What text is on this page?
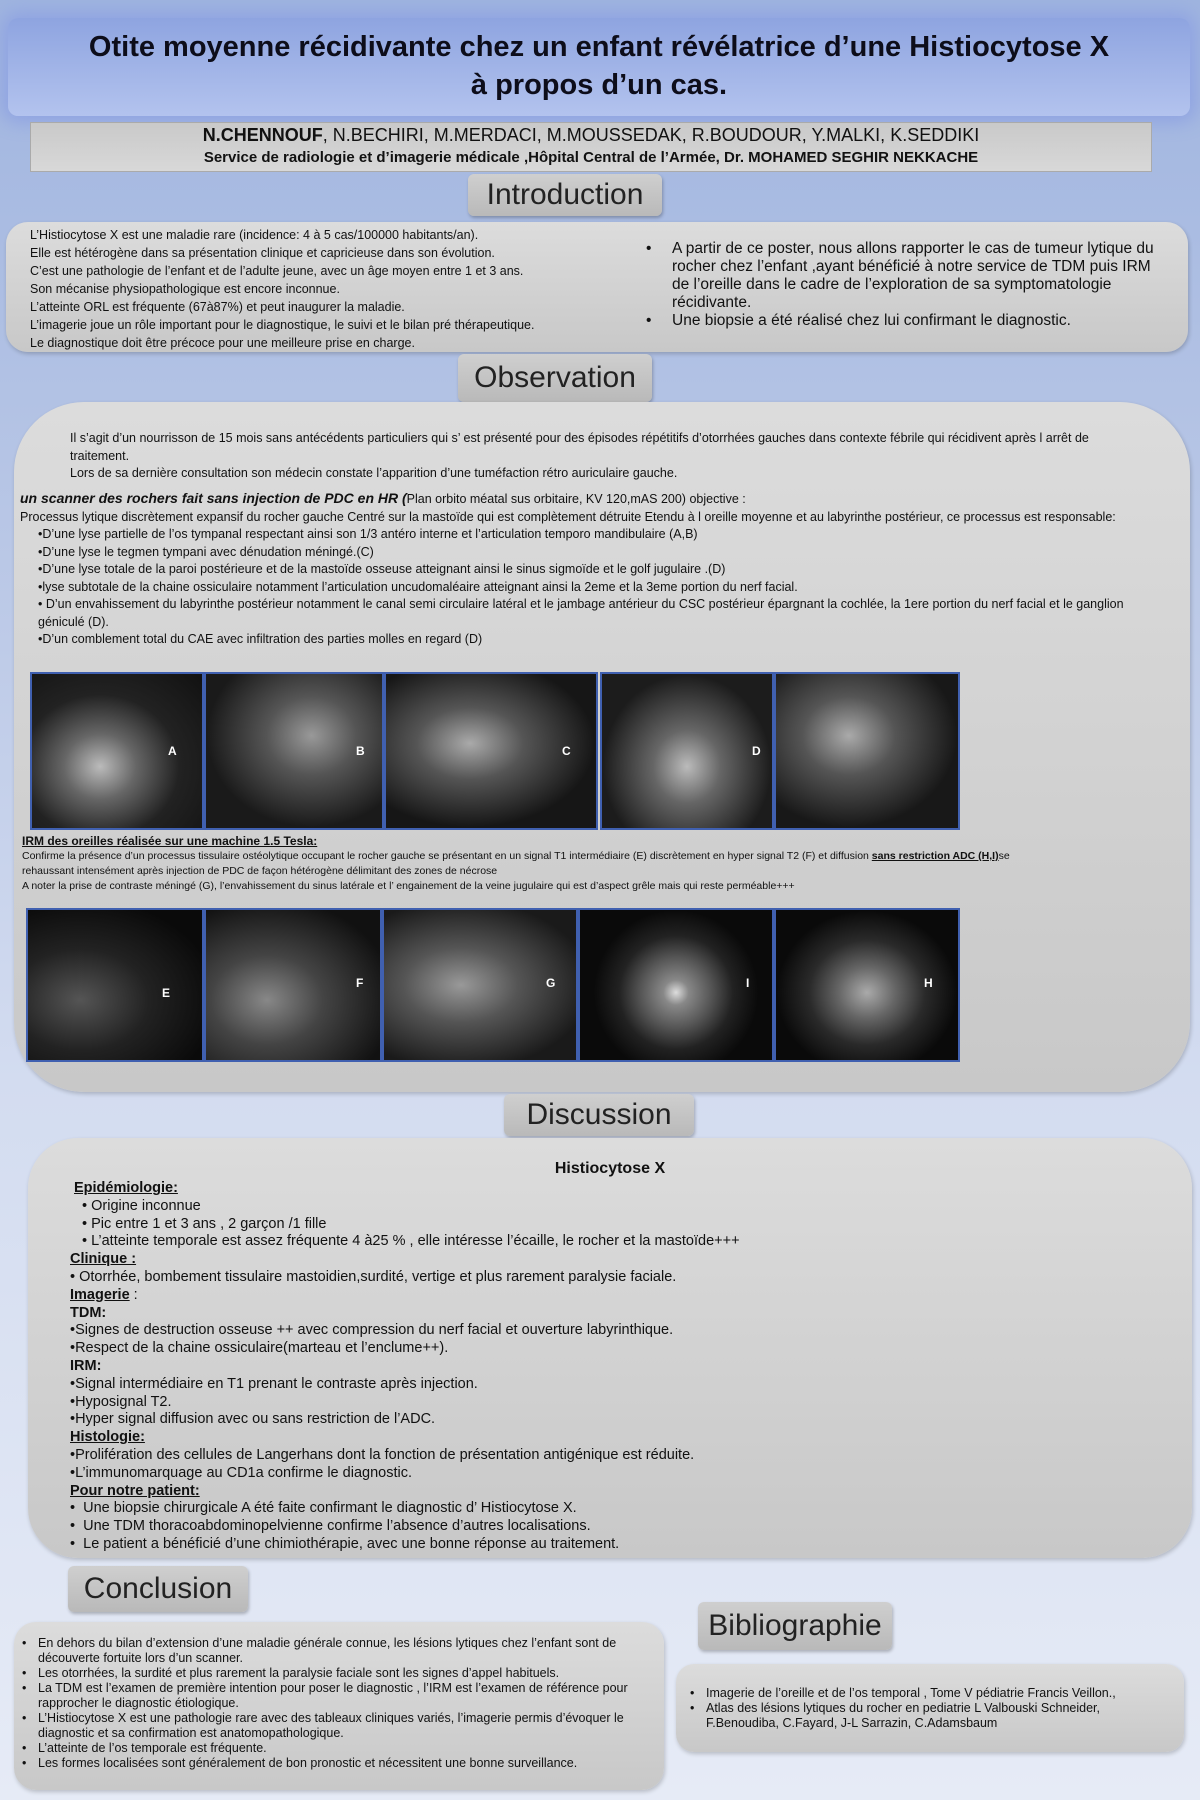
Otite moyenne récidivante chez un enfant révélatrice d’une Histiocytose X
à propos d’un cas.
N.CHENNOUF, N.BECHIRI, M.MERDACI, M.MOUSSEDAK, R.BOUDOUR, Y.MALKI, K.SEDDIKI
Service de radiologie et d’imagerie médicale ,Hôpital Central de l’Armée, Dr. MOHAMED SEGHIR NEKKACHE
Introduction
L’Histiocytose X est une maladie rare (incidence: 4 à 5 cas/100000 habitants/an).
Elle est hétérogène dans sa présentation clinique et capricieuse dans son évolution.
C’est une pathologie de l’enfant et de l’adulte jeune, avec un âge moyen entre 1 et 3 ans.
Son mécanise physiopathologique est encore inconnue.
L’atteinte ORL est fréquente (67à87%) et peut inaugurer la maladie.
L’imagerie joue un rôle important pour le diagnostique, le suivi et le bilan pré thérapeutique.
Le diagnostique doit être précoce pour une meilleure prise en charge.
• A partir de ce poster, nous allons rapporter le cas de tumeur lytique du rocher chez l’enfant ,ayant bénéficié à notre service de TDM puis IRM de l’oreille dans le cadre de l’exploration de sa symptomatologie récidivante.
• Une biopsie a été réalisé chez lui confirmant le diagnostic.
Observation

Il s’agit d’un nourrisson de 15 mois sans antécédents particuliers qui s’ est présenté pour des épisodes répétitifs d’otorrhées gauches dans contexte fébrile qui récidivent après l arrêt de traitement.

Lors de sa dernière consultation son médecin constate l’apparition d’une tuméfaction rétro auriculaire gauche.

un scanner des rochers fait sans injection de PDC en HR (Plan orbito méatal sus orbitaire, KV 120,mAS 200) objective :

Processus lytique discrètement expansif du rocher gauche Centré sur la mastoïde qui est complètement détruite Etendu à l oreille moyenne et au labyrinthe postérieur, ce processus est responsable:

•D’une lyse partielle de l’os tympanal respectant ainsi son 1/3 antéro interne et l’articulation temporo mandibulaire (A,B)

•D’une lyse le tegmen tympani avec dénudation méningé.(C)

•D’une lyse totale de la paroi postérieure et de la mastoïde osseuse atteignant ainsi le sinus sigmoïde et le golf jugulaire .(D)

•lyse subtotale de la chaine ossiculaire notamment l’articulation uncudomaléaire atteignant ainsi la 2eme et la 3eme portion du nerf facial.

• D’un envahissement du labyrinthe postérieur notamment le canal semi circulaire latéral et le jambage antérieur du CSC postérieur épargnant la cochlée, la 1ere portion du nerf facial et le ganglion géniculé (D).

•D’un comblement total du CAE avec infiltration des parties molles en regard (D)

A	B	C	D
IRM des oreilles réalisée sur une machine 1.5 Tesla:
Confirme la présence d’un processus tissulaire ostéolytique occupant le rocher gauche se présentant en un signal T1 intermédiaire (E) discrètement en hyper signal T2 (F) et diffusion sans restriction ADC (H,I)se
rehaussant intensément après injection de PDC de façon hétérogène délimitant des zones de nécrose
A noter la prise de contraste méningé (G), l’envahissement du sinus latérale et l’ engainement de la veine jugulaire qui est d’aspect grêle mais qui reste perméable+++
E
F	G	I	H
Discussion
Histiocytose X
Epidémiologie:
• Origine inconnue
• Pic entre 1 et 3 ans , 2 garçon /1 fille
• L’atteinte temporale est assez fréquente 4 à25 % , elle intéresse l’écaille, le rocher et la mastoïde+++
Clinique :
• Otorrhée, bombement tissulaire mastoidien,surdité, vertige et plus rarement paralysie faciale.
Imagerie :
TDM:
•Signes de destruction osseuse ++ avec compression du nerf facial et ouverture labyrinthique.
•Respect de la chaine ossiculaire(marteau et l’enclume++).
IRM:
•Signal intermédiaire en T1 prenant le contraste après injection.
•Hyposignal T2.
•Hyper signal diffusion avec ou sans restriction de l’ADC.
Histologie:
•Prolifération des cellules de Langerhans dont la fonction de présentation antigénique est réduite.
•L’immunomarquage au CD1a confirme le diagnostic.
Pour notre patient:
•  Une biopsie chirurgicale A été faite confirmant le diagnostic d’ Histiocytose X.
•  Une TDM thoracoabdominopelvienne confirme l’absence d’autres localisations.
•  Le patient a bénéficié d’une chimiothérapie, avec une bonne réponse au traitement.
Conclusion
• En dehors du bilan d’extension d’une maladie générale connue, les lésions lytiques chez l’enfant sont de découverte fortuite lors d’un scanner.
• Les otorrhées, la surdité et plus rarement la paralysie faciale sont les signes d’appel habituels.
• La TDM est l’examen de première intention pour poser le diagnostic , l’IRM est l’examen de référence pour rapprocher le diagnostic étiologique.
• L’Histiocytose X est une pathologie rare avec des tableaux cliniques variés, l’imagerie permis d’évoquer le diagnostic et sa confirmation est anatomopathologique.
• L’atteinte de l’os temporale est fréquente.
• Les formes localisées sont généralement de bon pronostic et nécessitent une bonne surveillance.
Bibliographie
• Imagerie de l’oreille et de l’os temporal , Tome V pédiatrie Francis Veillon.,
• Atlas des lésions lytiques du rocher en pediatrie L Valbouski Schneider, F.Benoudiba, C.Fayard, J-L Sarrazin, C.Adamsbaum
